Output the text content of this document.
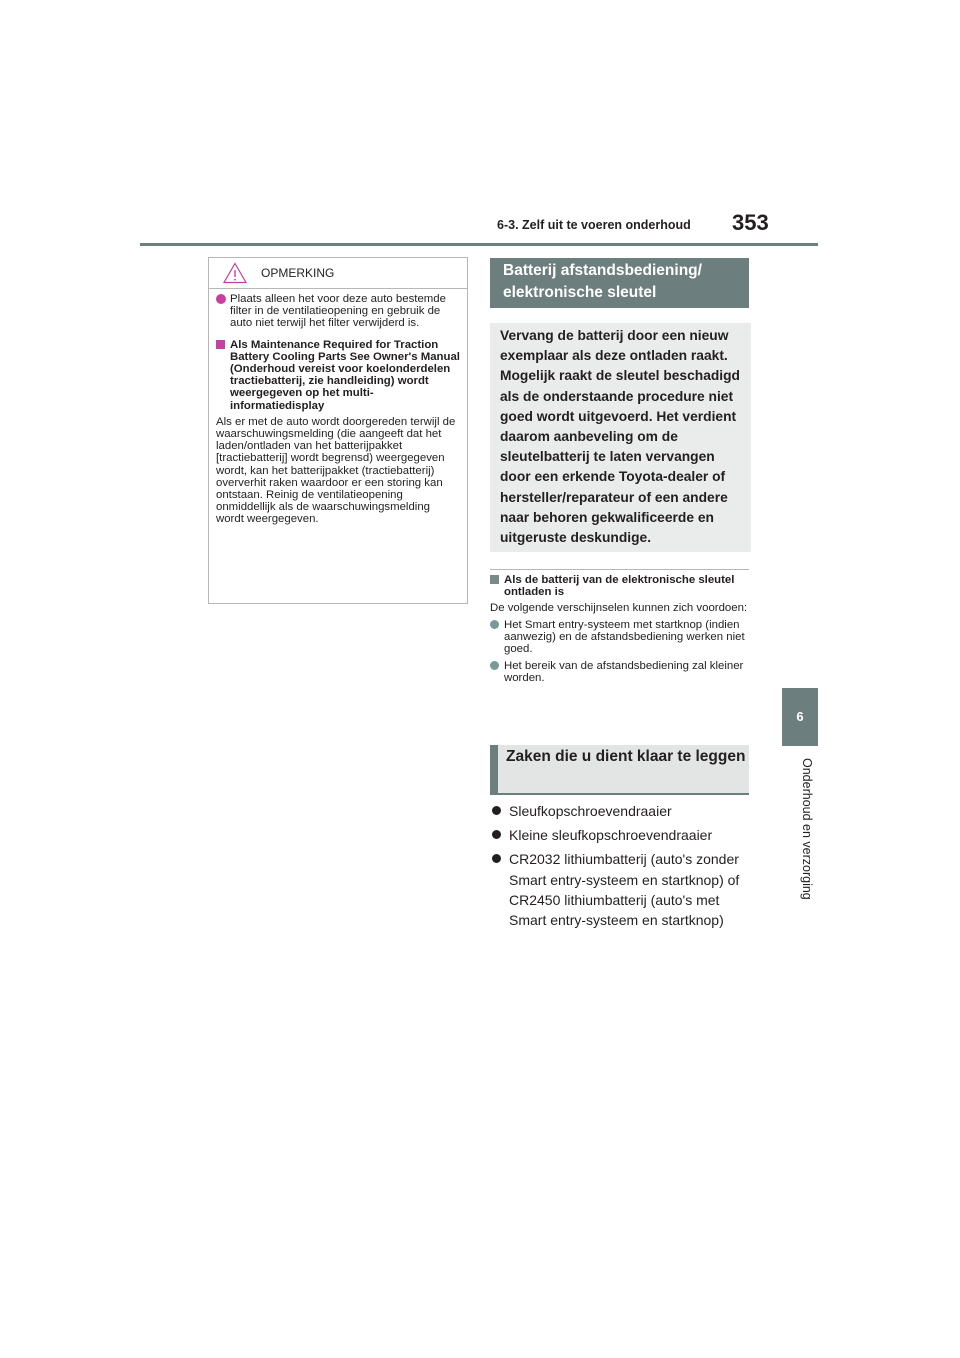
6-3. Zelf uit te voeren onderhoud 353
6
Onderhoud en verzorging
OPMERKING

Plaats alleen het voor deze auto bestemde filter in de ventilatieopening en gebruik de auto niet terwijl het filter verwijderd is.

Als Maintenance Required for Traction Battery Cooling Parts See Owner's Manual (Onderhoud vereist voor koelonderdelen tractiebatterij, zie handleiding) wordt weergegeven op het multi-informatiedisplay

Als er met de auto wordt doorgereden terwijl de waarschuwingsmelding (die aangeeft dat het laden/ontladen van het batterijpakket [tractiebatterij] wordt begrensd) weergegeven wordt, kan het batterijpakket (tractiebatterij) oververhit raken waardoor er een storing kan ontstaan. Reinig de ventilatieopening onmiddellijk als de waarschuwingsmelding wordt weergegeven.

Batterij afstandsbediening/ elektronische sleutel
Vervang de batterij door een nieuw exemplaar als deze ontladen raakt. Mogelijk raakt de sleutel beschadigd als de onderstaande procedure niet goed wordt uitgevoerd. Het verdient daarom aanbeveling om de sleutelbatterij te laten vervangen door een erkende Toyota-dealer of hersteller/reparateur of een andere naar behoren gekwalificeerde en uitgeruste deskundige.

Als de batterij van de elektronische sleutel ontladen is

De volgende verschijnselen kunnen zich voordoen:

Het Smart entry-systeem met startknop (indien aanwezig) en de afstandsbediening werken niet goed.

Het bereik van de afstandsbediening zal kleiner worden.

Zaken die u dient klaar te leggen
Sleufkopschroevendraaier
Kleine sleufkopschroevendraaier
CR2032 lithiumbatterij (auto's zonder Smart entry-systeem en startknop) of CR2450 lithiumbatterij (auto's met Smart entry-systeem en startknop)
